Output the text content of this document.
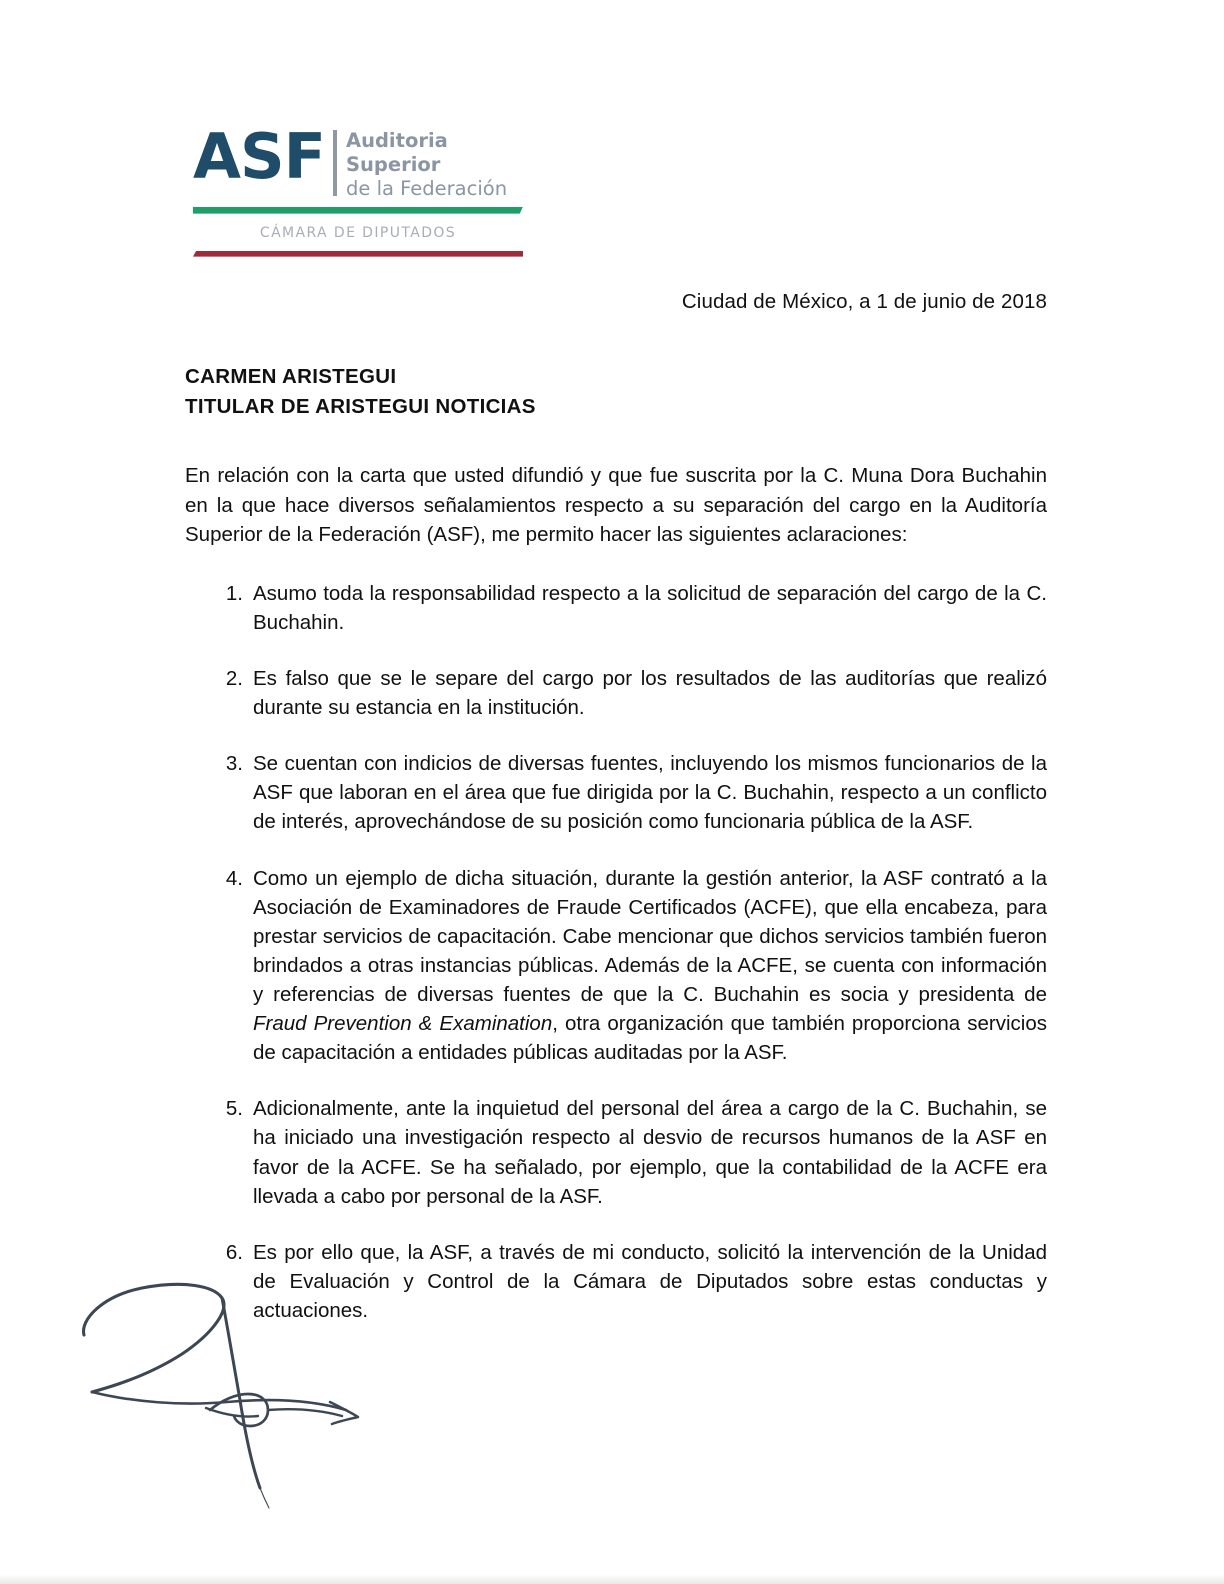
ASF Auditoria
Superior
de la Federación
CÁMARA DE DIPUTADOS
Ciudad de México, a 1 de junio de 2018
CARMEN ARISTEGUI
TITULAR DE ARISTEGUI NOTICIAS
En relación con la carta que usted difundió y que fue suscrita por la C. Muna Dora Buchahin en la que hace diversos señalamientos respecto a su separación del cargo en la Auditoría Superior de la Federación (ASF), me permito hacer las siguientes aclaraciones:
1. Asumo toda la responsabilidad respecto a la solicitud de separación del cargo de la C. Buchahin.
2. Es falso que se le separe del cargo por los resultados de las auditorías que realizó durante su estancia en la institución.
3. Se cuentan con indicios de diversas fuentes, incluyendo los mismos funcionarios de la ASF que laboran en el área que fue dirigida por la C. Buchahin, respecto a un conflicto de interés, aprovechándose de su posición como funcionaria pública de la ASF.
4. Como un ejemplo de dicha situación, durante la gestión anterior, la ASF contrató a la Asociación de Examinadores de Fraude Certificados (ACFE), que ella encabeza, para prestar servicios de capacitación. Cabe mencionar que dichos servicios también fueron brindados a otras instancias públicas. Además de la ACFE, se cuenta con información y referencias de diversas fuentes de que la C. Buchahin es socia y presidenta de Fraud Prevention & Examination, otra organización que también proporciona servicios de capacitación a entidades públicas auditadas por la ASF.
5. Adicionalmente, ante la inquietud del personal del área a cargo de la C. Buchahin, se ha iniciado una investigación respecto al desvio de recursos humanos de la ASF en favor de la ACFE. Se ha señalado, por ejemplo, que la contabilidad de la ACFE era llevada a cabo por personal de la ASF.
6. Es por ello que, la ASF, a través de mi conducto, solicitó la intervención de la Unidad de Evaluación y Control de la Cámara de Diputados sobre estas conductas y actuaciones.
